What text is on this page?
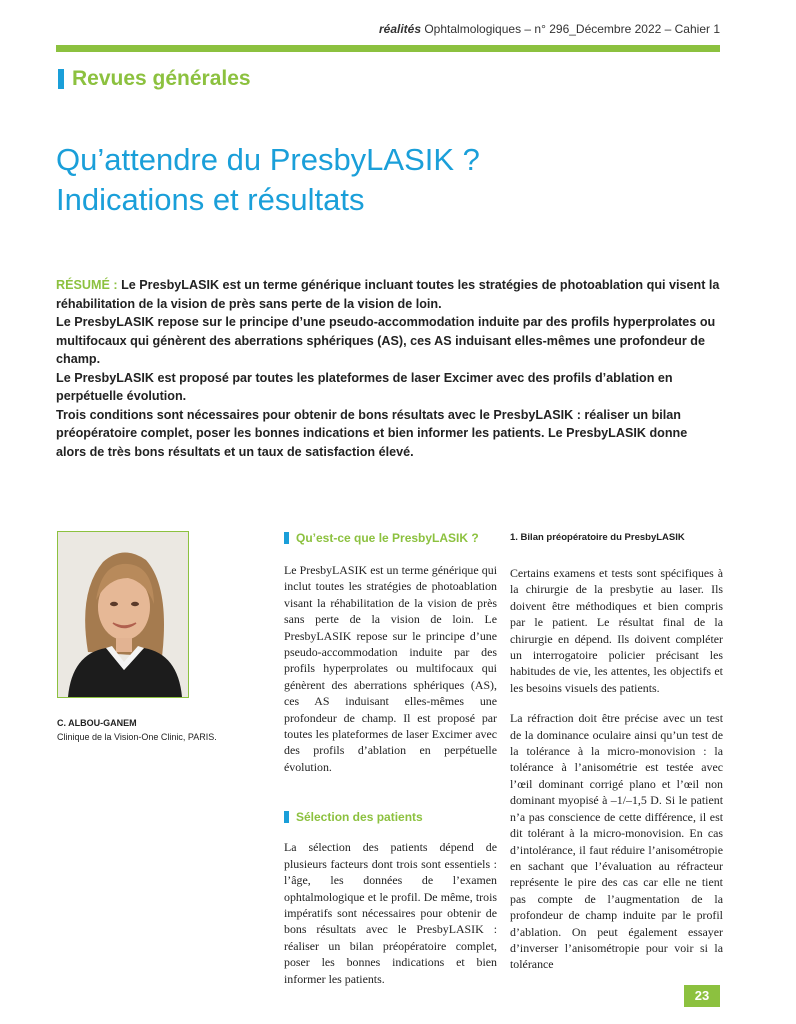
réalités Ophtalmologiques – n° 296_Décembre 2022 – Cahier 1
Revues générales
Qu’attendre du PresbyLASIK ?
Indications et résultats

RÉSUMÉ : Le PresbyLASIK est un terme générique incluant toutes les stratégies de photoablation qui visent la réhabilitation de la vision de près sans perte de la vision de loin.

Le PresbyLASIK repose sur le principe d’une pseudo-accommodation induite par des profils hyperprolates ou multifocaux qui génèrent des aberrations sphériques (AS), ces AS induisant elles-mêmes une profondeur de champ.

Le PresbyLASIK est proposé par toutes les plateformes de laser Excimer avec des profils d’ablation en perpétuelle évolution.

Trois conditions sont nécessaires pour obtenir de bons résultats avec le PresbyLASIK : réaliser un bilan préopératoire complet, poser les bonnes indications et bien informer les patients. Le PresbyLASIK donne alors de très bons résultats et un taux de satisfaction élevé.

C. ALBOU-GANEM
Clinique de la Vision-One Clinic, PARIS.
Qu’est-ce que le PresbyLASIK ?

Le PresbyLASIK est un terme générique qui inclut toutes les stratégies de photoablation visant la réhabilitation de la vision de près sans perte de la vision de loin. Le PresbyLASIK repose sur le principe d’une pseudo-accommodation induite par des profils hyperprolates ou multifocaux qui génèrent des aberrations sphériques (AS), ces AS induisant elles-mêmes une profondeur de champ. Il est proposé par toutes les plateformes de laser Excimer avec des profils d’ablation en perpétuelle évolution.

Sélection des patients

La sélection des patients dépend de plusieurs facteurs dont trois sont essentiels : l’âge, les données de l’examen ophtalmologique et le profil. De même, trois impératifs sont nécessaires pour obtenir de bons résultats avec le PresbyLASIK : réaliser un bilan préopératoire complet, poser les bonnes indications et bien informer les patients.

1. Bilan préopératoire du PresbyLASIK

Certains examens et tests sont spécifiques à la chirurgie de la presbytie au laser. Ils doivent être méthodiques et bien compris par le patient. Le résultat final de la chirurgie en dépend. Ils doivent compléter un interrogatoire policier précisant les habitudes de vie, les attentes, les objectifs et les besoins visuels des patients.

La réfraction doit être précise avec un test de la dominance oculaire ainsi qu’un test de la tolérance à la micro-monovision : la tolérance à l’anisométrie est testée avec l’œil dominant corrigé plano et l’œil non dominant myopisé à –1/–1,5 D. Si le patient n’a pas conscience de cette différence, il est dit tolérant à la micro-monovision. En cas d’intolérance, il faut réduire l’anisométropie en sachant que l’évaluation au réfracteur représente le pire des cas car elle ne tient pas compte de l’augmentation de la profondeur de champ induite par le profil d’ablation. On peut également essayer d’inverser l’anisométropie pour voir si la tolérance

23
